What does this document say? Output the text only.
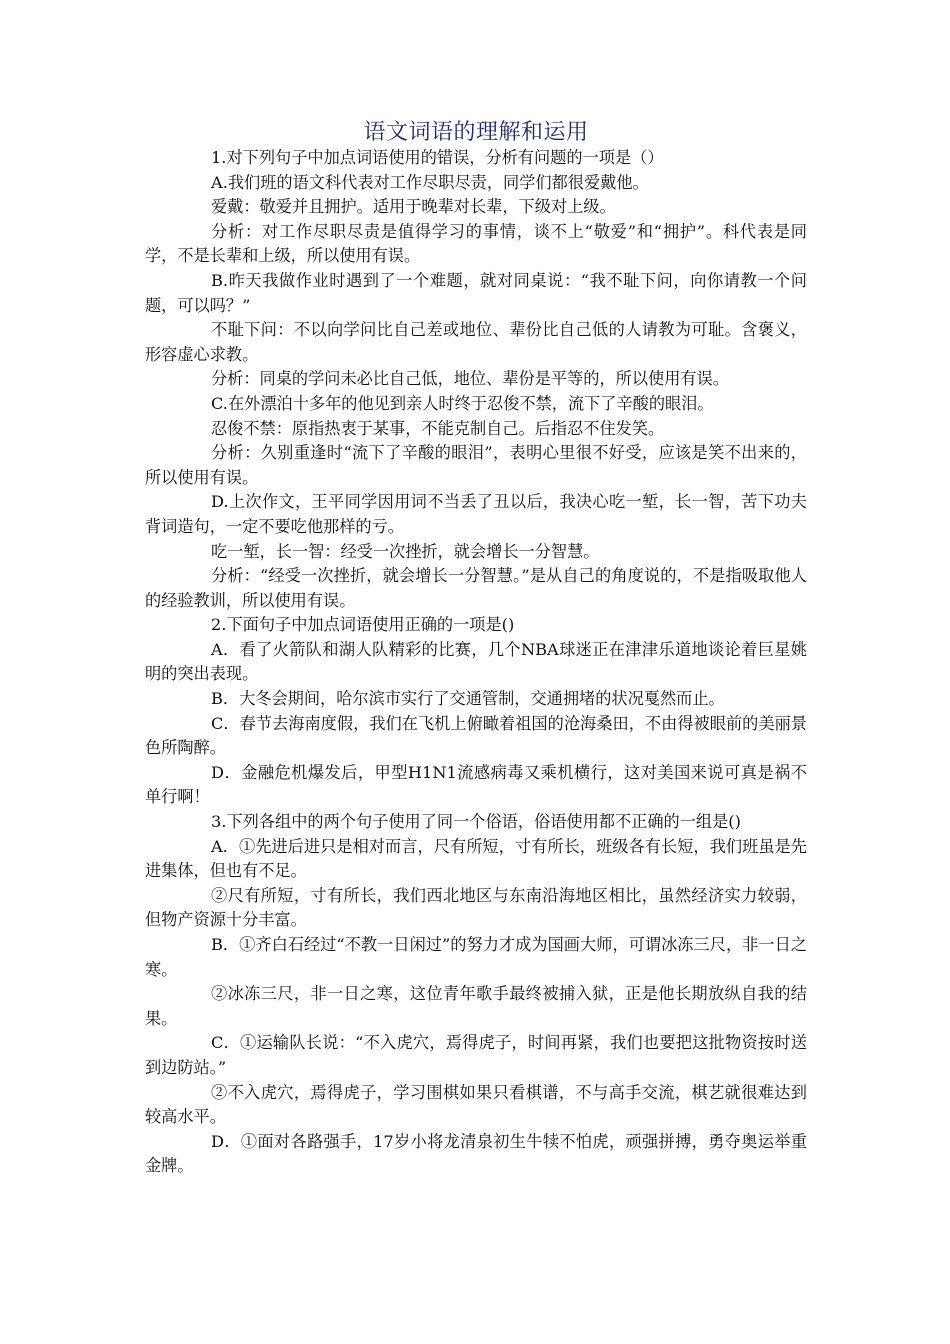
语文词语的理解和运用

1.对下列句子中加点词语使用的错误，分析有问题的一项是（）

A.我们班的语文科代表对工作尽职尽责，同学们都很爱戴他。

爱戴：敬爱并且拥护。适用于晚辈对长辈，下级对上级。

分析：对工作尽职尽责是值得学习的事情，谈不上“敬爱”和“拥护”。科代表是同学，不是长辈和上级，所以使用有误。

B.昨天我做作业时遇到了一个难题，就对同桌说：“我不耻下问，向你请教一个问题，可以吗？”

不耻下问：不以向学问比自己差或地位、辈份比自己低的人请教为可耻。含褒义，形容虚心求教。

分析：同桌的学问未必比自己低，地位、辈份是平等的，所以使用有误。

C.在外漂泊十多年的他见到亲人时终于忍俊不禁，流下了辛酸的眼泪。

忍俊不禁：原指热衷于某事，不能克制自己。后指忍不住发笑。

分析：久别重逢时“流下了辛酸的眼泪”，表明心里很不好受，应该是笑不出来的，所以使用有误。

D.上次作文，王平同学因用词不当丢了丑以后，我决心吃一堑，长一智，苦下功夫背词造句，一定不要吃他那样的亏。

吃一堑，长一智：经受一次挫折，就会增长一分智慧。

分析：“经受一次挫折，就会增长一分智慧。”是从自己的角度说的，不是指吸取他人的经验教训，所以使用有误。

2.下面句子中加点词语使用正确的一项是()

A．看了火箭队和湖人队精彩的比赛，几个NBA球迷正在津津乐道地谈论着巨星姚明的突出表现。

B．大冬会期间，哈尔滨市实行了交通管制，交通拥堵的状况戛然而止。

C．春节去海南度假，我们在飞机上俯瞰着祖国的沧海桑田，不由得被眼前的美丽景色所陶醉。

D．金融危机爆发后，甲型H1N1流感病毒又乘机横行，这对美国来说可真是祸不单行啊！

3.下列各组中的两个句子使用了同一个俗语，俗语使用都不正确的一组是()

A．①先进后进只是相对而言，尺有所短，寸有所长，班级各有长短，我们班虽是先进集体，但也有不足。

②尺有所短，寸有所长，我们西北地区与东南沿海地区相比，虽然经济实力较弱，但物产资源十分丰富。

B．①齐白石经过“不教一日闲过”的努力才成为国画大师，可谓冰冻三尺，非一日之寒。

②冰冻三尺，非一日之寒，这位青年歌手最终被捕入狱，正是他长期放纵自我的结果。

C．①运输队长说：“不入虎穴，焉得虎子，时间再紧，我们也要把这批物资按时送到边防站。”

②不入虎穴，焉得虎子，学习围棋如果只看棋谱，不与高手交流，棋艺就很难达到较高水平。

D．①面对各路强手，17岁小将龙清泉初生牛犊不怕虎，顽强拼搏，勇夺奥运举重金牌。
